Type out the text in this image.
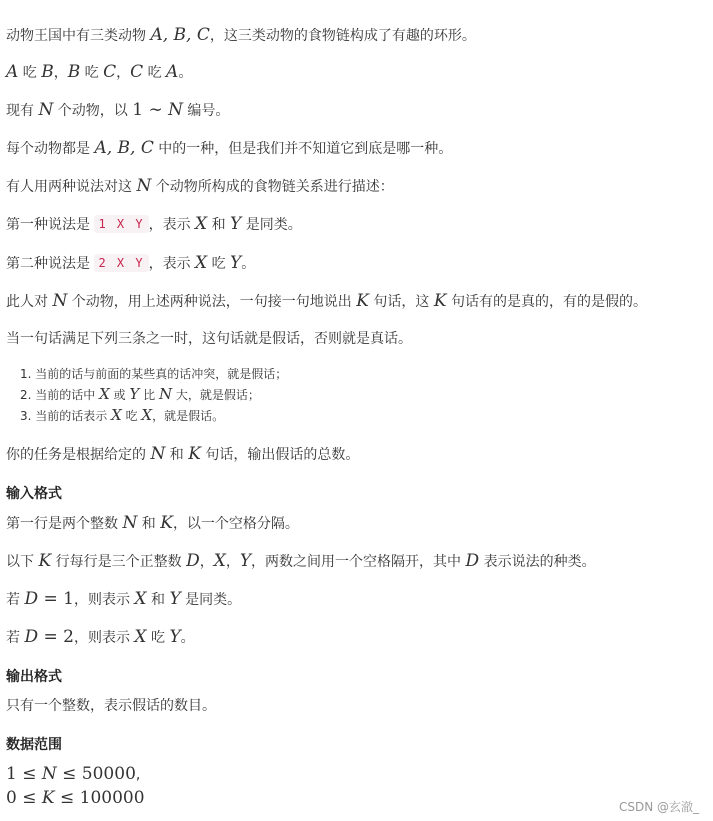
动物王国中有三类动物 A, B, C，这三类动物的食物链构成了有趣的环形。
A 吃 B，B 吃 C，C 吃 A。
现有 N 个动物，以 1 ∼ N 编号。
每个动物都是 A, B, C 中的一种，但是我们并不知道它到底是哪一种。
有人用两种说法对这 N 个动物所构成的食物链关系进行描述：
第一种说法是 1 X Y ，表示 X 和 Y 是同类。
第二种说法是 2 X Y ，表示 X 吃 Y。
此人对 N 个动物，用上述两种说法，一句接一句地说出 K 句话，这 K 句话有的是真的，有的是假的。
当一句话满足下列三条之一时，这句话就是假话，否则就是真话。
1. 当前的话与前面的某些真的话冲突，就是假话；
2. 当前的话中 X 或 Y 比 N 大，就是假话；
3. 当前的话表示 X 吃 X，就是假话。
你的任务是根据给定的 N 和 K 句话，输出假话的总数。
输入格式
第一行是两个整数 N 和 K，以一个空格分隔。
以下 K 行每行是三个正整数 D，X，Y，两数之间用一个空格隔开，其中 D 表示说法的种类。
若 D = 1，则表示 X 和 Y 是同类。
若 D = 2，则表示 X 吃 Y。
输出格式
只有一个整数，表示假话的数目。
数据范围
1 ≤ N ≤ 50000,
0 ≤ K ≤ 100000	CSDN @玄澈_
